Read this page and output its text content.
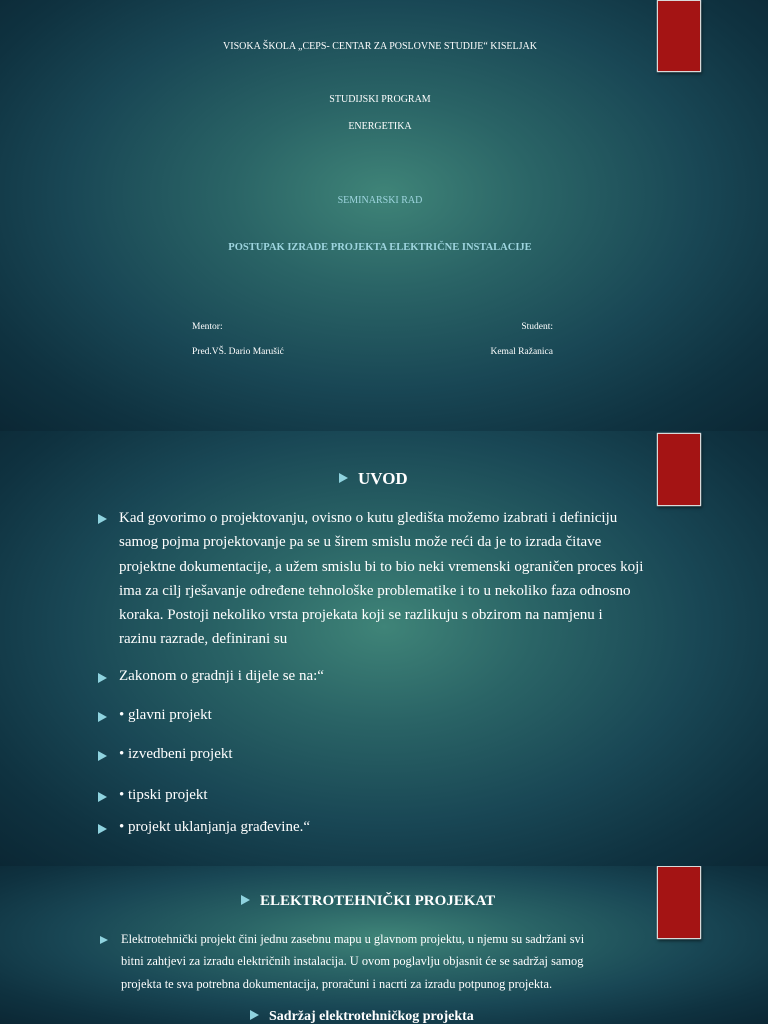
VISOKA ŠKOLA „CEPS- CENTAR ZA POSLOVNE STUDIJE“ KISELJAK
STUDIJSKI PROGRAM
ENERGETIKA
SEMINARSKI RAD
POSTUPAK IZRADE PROJEKTA ELEKTRIČNE INSTALACIJE
Mentor:
Pred.VŠ. Dario Marušić
Student:
Kemal Ražanica
UVOD
Kad govorimo o projektovanju, ovisno o kutu gledišta možemo izabrati i definiciju
samog pojma projektovanje pa se u širem smislu može reći da je to izrada čitave
projektne dokumentacije, a užem smislu bi to bio neki vremenski ograničen proces koji
ima za cilj rješavanje određene tehnološke problematike i to u nekoliko faza odnosno
koraka. Postoji nekoliko vrsta projekata koji se razlikuju s obzirom na namjenu i
razinu razrade, definirani su
Zakonom o gradnji i dijele se na:“
• glavni projekt
• izvedbeni projekt
• tipski projekt
• projekt uklanjanja građevine.“
ELEKTROTEHNIČKI PROJEKAT
Elektrotehnički projekt čini jednu zasebnu mapu u glavnom projektu, u njemu su sadržani svi
bitni zahtjevi za izradu električnih instalacija. U ovom poglavlju objasnit će se sadržaj samog
projekta te sva potrebna dokumentacija, proračuni i nacrti za izradu potpunog projekta.
Sadržaj elektrotehničkog projekta
